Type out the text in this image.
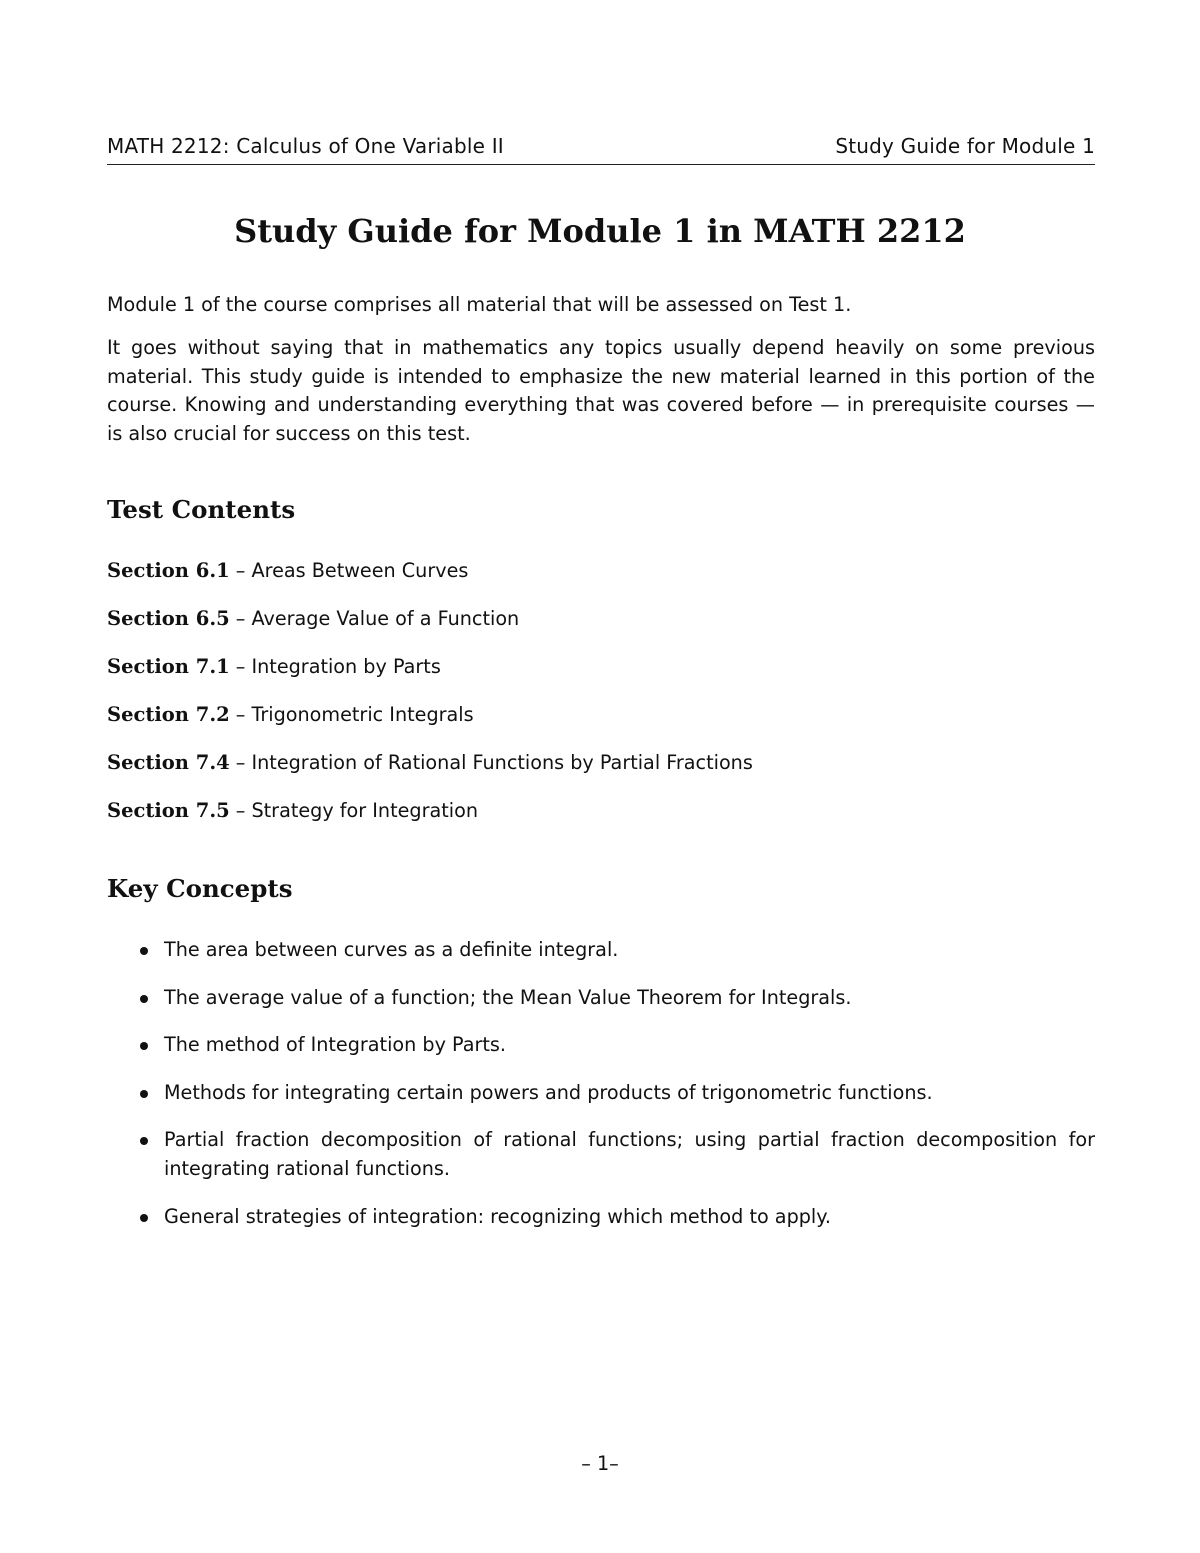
MATH 2212: Calculus of One Variable II	Study Guide for Module 1
Study Guide for Module 1 in MATH 2212

Module 1 of the course comprises all material that will be assessed on Test 1.

It goes without saying that in mathematics any topics usually depend heavily on some previous material. This study guide is intended to emphasize the new material learned in this portion of the course. Knowing and understanding everything that was covered before — in prerequisite courses — is also crucial for success on this test.

Test Contents
Section 6.1 – Areas Between Curves
Section 6.5 – Average Value of a Function
Section 7.1 – Integration by Parts
Section 7.2 – Trigonometric Integrals
Section 7.4 – Integration of Rational Functions by Partial Fractions
Section 7.5 – Strategy for Integration
Key Concepts
The area between curves as a definite integral.
The average value of a function; the Mean Value Theorem for Integrals.
The method of Integration by Parts.
Methods for integrating certain powers and products of trigonometric functions.
Partial fraction decomposition of rational functions; using partial fraction decomposition for integrating rational functions.
General strategies of integration: recognizing which method to apply.
– 1–
